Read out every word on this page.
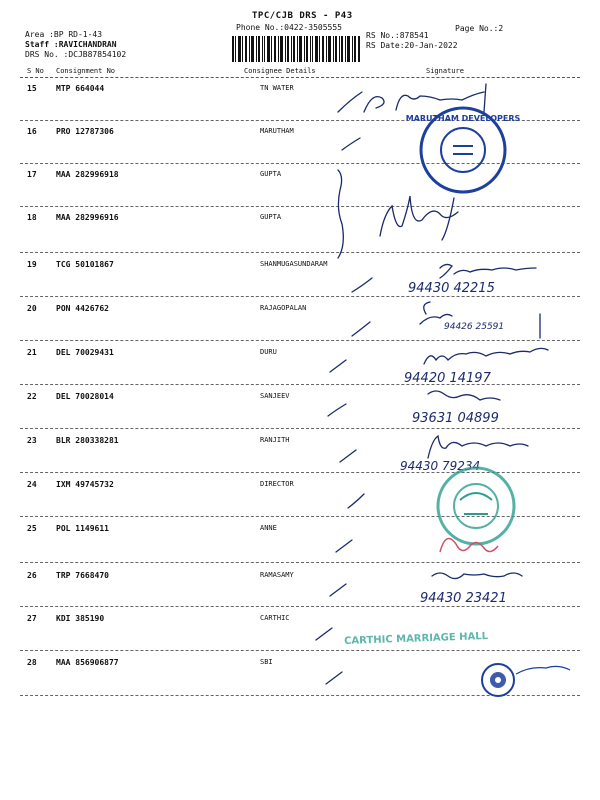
TPC/CJB DRS - P43
Phone No.:0422-3505555	Page No.:2
Area :BP RD-1-43
Staff :RAVICHANDRAN
DRS No. :DCJB87854102
RS No.:878541
RS Date:20-Jan-2022
S No Consignment No	Consignee Details	Signature
15 MTP 664044	TN WATER
16 PRO 12787306	MARUTHAM
17 MAA 282996918	GUPTA
18 MAA 282996916	GUPTA
19 TCG 50101867	SHANMUGASUNDARAM
20 PON 4426762	RAJAGOPALAN
21 DEL 70029431	DURU
22 DEL 70028014	SANJEEV
23 BLR 280338281	RANJITH
24 IXM 49745732	DIRECTOR
25 POL 1149611	ANNE
26 TRP 7668470	RAMASAMY
27 KDI 385190	CARTHIC
28 MAA 856906877	SBI
94430 42215
94426 25591
94420 14197
93631 04899
94430 79234
94430 23421
MARUTHAM DEVELOPERS
CARTHIC MARRIAGE HALL
